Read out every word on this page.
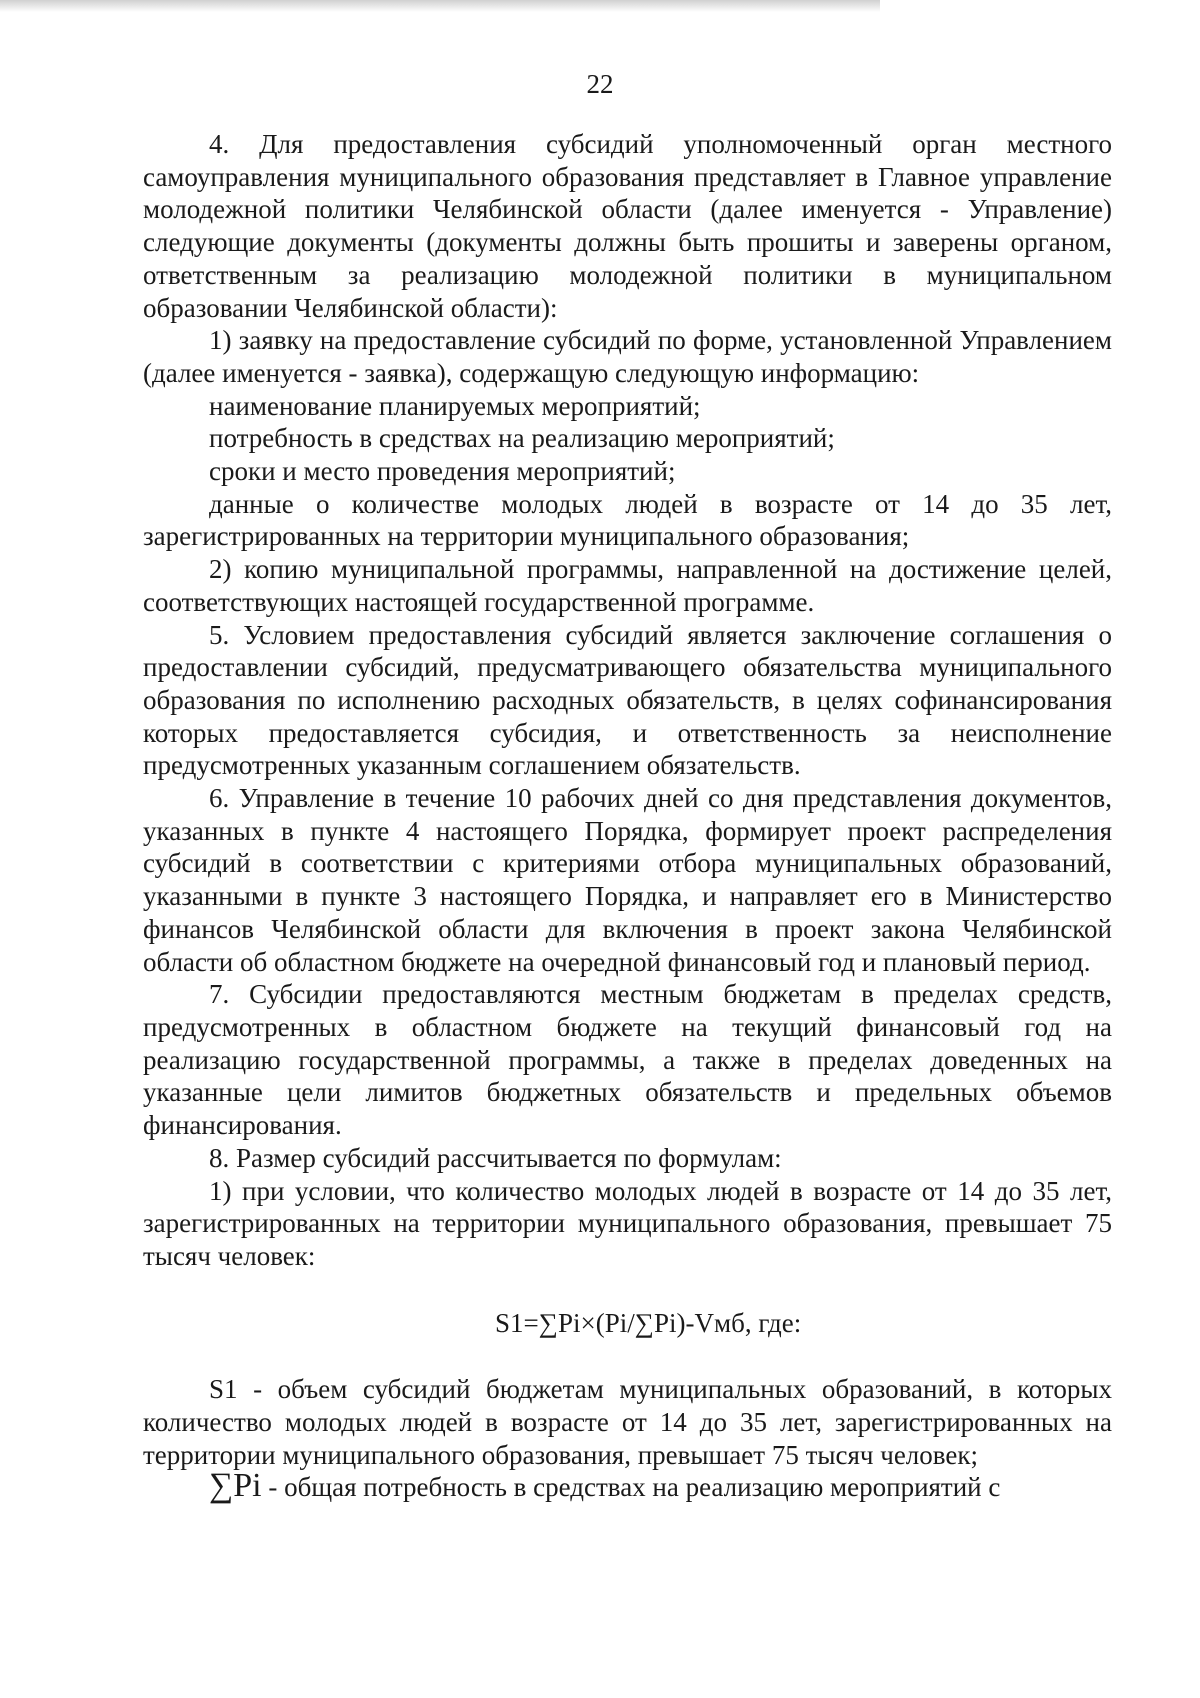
22

4. Для предоставления субсидий уполномоченный орган местного самоуправления муниципального образования представляет в Главное управление молодежной политики Челябинской области (далее именуется - Управление) следующие документы (документы должны быть прошиты и заверены органом, ответственным за реализацию молодежной политики в муниципальном образовании Челябинской области):

1) заявку на предоставление субсидий по форме, установленной Управлением (далее именуется - заявка), содержащую следующую информацию:

наименование планируемых мероприятий;

потребность в средствах на реализацию мероприятий;

сроки и место проведения мероприятий;

данные о количестве молодых людей в возрасте от 14 до 35 лет, зарегистрированных на территории муниципального образования;

2) копию муниципальной программы, направленной на достижение целей, соответствующих настоящей государственной программе.

5. Условием предоставления субсидий является заключение соглашения о предоставлении субсидий, предусматривающего обязательства муниципального образования по исполнению расходных обязательств, в целях софинансирования которых предоставляется субсидия, и ответственность за неисполнение предусмотренных указанным соглашением обязательств.

6. Управление в течение 10 рабочих дней со дня представления документов, указанных в пункте 4 настоящего Порядка, формирует проект распределения субсидий в соответствии с критериями отбора муниципальных образований, указанными в пункте 3 настоящего Порядка, и направляет его в Министерство финансов Челябинской области для включения в проект закона Челябинской области об областном бюджете на очередной финансовый год и плановый период.

7. Субсидии предоставляются местным бюджетам в пределах средств, предусмотренных в областном бюджете на текущий финансовый год на реализацию государственной программы, а также в пределах доведенных на указанные цели лимитов бюджетных обязательств и предельных объемов финансирования.

8. Размер субсидий рассчитывается по формулам:

1) при условии, что количество молодых людей в возрасте от 14 до 35 лет, зарегистрированных на территории муниципального образования, превышает 75 тысяч человек:

S1=∑Pi×(Pi/∑Pi)-Vмб, где:

S1 - объем субсидий бюджетам муниципальных образований, в которых количество молодых людей в возрасте от 14 до 35 лет, зарегистрированных на территории муниципального образования, превышает 75 тысяч человек;

∑Pi - общая потребность в средствах на реализацию мероприятий с
